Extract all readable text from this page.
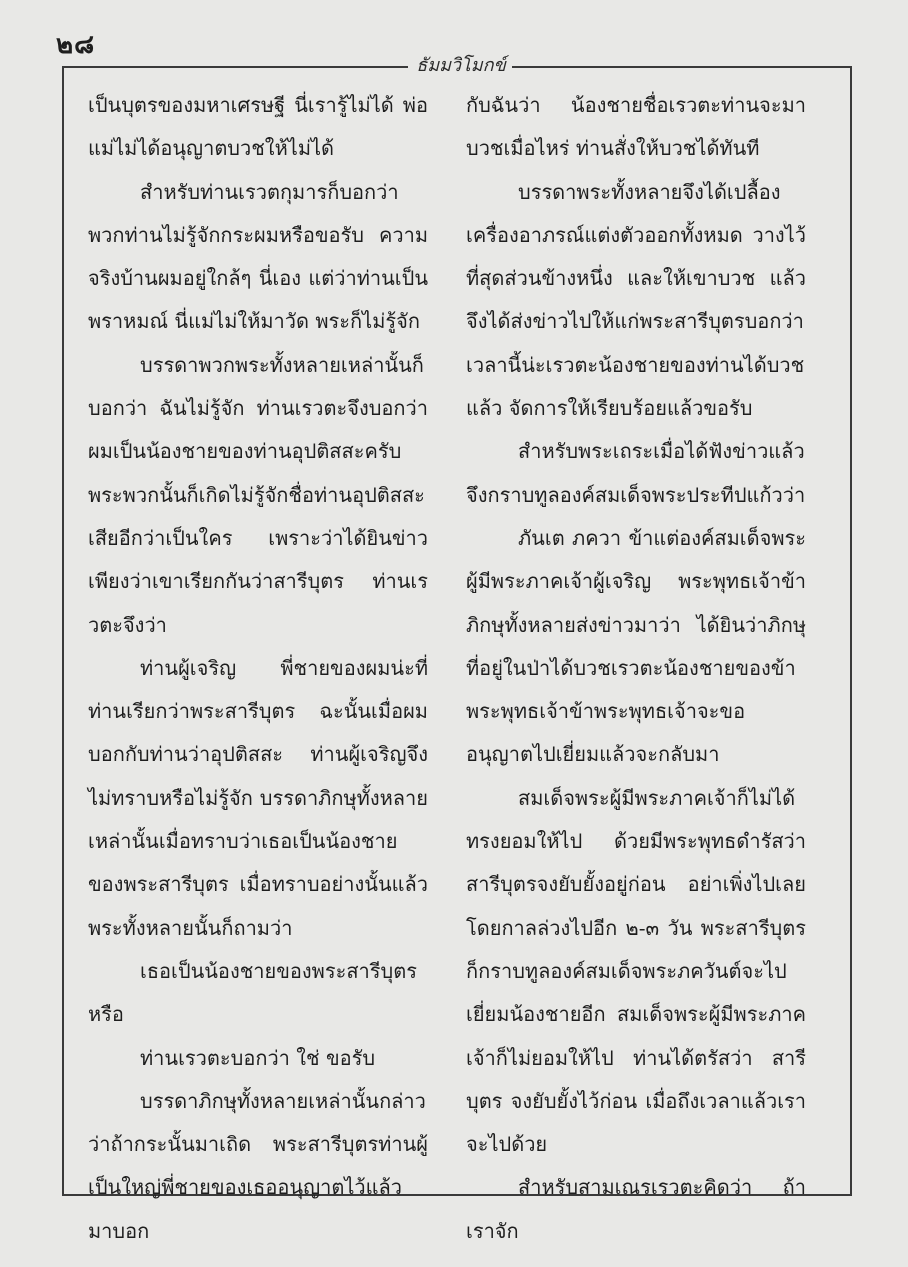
๒๘
ธัมมวิโมกข์

เป็นบุตรของมหาเศรษฐี นี่เรารู้ไม่ได้ พ่อแม่ไม่ได้อนุญาตบวชให้ไม่ได้

สำหรับท่านเรวตกุมารก็บอกว่า พวกท่านไม่รู้จักกระผมหรือขอรับ ความจริงบ้านผมอยู่ใกล้ๆ นี่เอง แต่ว่าท่านเป็นพราหมณ์ นี่แม่ไม่ให้มาวัด พระก็ไม่รู้จัก

บรรดาพวกพระทั้งหลายเหล่านั้นก็บอกว่า ฉันไม่รู้จัก ท่านเรวตะจึงบอกว่า ผมเป็นน้องชายของท่านอุปติสสะครับ พระพวกนั้นก็เกิดไม่รู้จักชื่อท่านอุปติสสะเสียอีกว่าเป็นใคร เพราะว่าได้ยินข่าวเพียงว่าเขาเรียกกันว่าสารีบุตร ท่านเรวตะจึงว่า

ท่านผู้เจริญ พี่ชายของผมน่ะที่ท่านเรียกว่าพระสารีบุตร ฉะนั้นเมื่อผมบอกกับท่านว่าอุปติสสะ ท่านผู้เจริญจึงไม่ทราบหรือไม่รู้จัก บรรดาภิกษุทั้งหลายเหล่านั้นเมื่อทราบว่าเธอเป็นน้องชายของพระสารีบุตร เมื่อทราบอย่างนั้นแล้ว พระทั้งหลายนั้นก็ถามว่า

เธอเป็นน้องชายของพระสารีบุตรหรือ

ท่านเรวตะบอกว่า ใช่ ขอรับ

บรรดาภิกษุทั้งหลายเหล่านั้นกล่าวว่าถ้ากระนั้นมาเถิด พระสารีบุตรท่านผู้เป็นใหญ่พี่ชายของเธออนุญาตไว้แล้ว มาบอก

กับฉันว่า น้องชายชื่อเรวตะท่านจะมาบวชเมื่อไหร่ ท่านสั่งให้บวชได้ทันที

บรรดาพระทั้งหลายจึงได้เปลื้องเครื่องอาภรณ์แต่งตัวออกทั้งหมด วางไว้ที่สุดส่วนข้างหนึ่ง และให้เขาบวช แล้วจึงได้ส่งข่าวไปให้แก่พระสารีบุตรบอกว่า เวลานี้น่ะเรวตะน้องชายของท่านได้บวชแล้ว จัดการให้เรียบร้อยแล้วขอรับ

สำหรับพระเถระเมื่อได้ฟังข่าวแล้วจึงกราบทูลองค์สมเด็จพระประทีปแก้วว่า

ภันเต ภควา ข้าแต่องค์สมเด็จพระผู้มีพระภาคเจ้าผู้เจริญ พระพุทธเจ้าข้า ภิกษุทั้งหลายส่งข่าวมาว่า ได้ยินว่าภิกษุที่อยู่ในป่าได้บวชเรวตะน้องชายของข้าพระพุทธเจ้าข้าพระพุทธเจ้าจะขออนุญาตไปเยี่ยมแล้วจะกลับมา

สมเด็จพระผู้มีพระภาคเจ้าก็ไม่ได้ทรงยอมให้ไป ด้วยมีพระพุทธดำรัสว่า สารีบุตรจงยับยั้งอยู่ก่อน อย่าเพิ่งไปเลย โดยกาลล่วงไปอีก ๒-๓ วัน พระสารีบุตรก็กราบทูลองค์สมเด็จพระภควันต์จะไปเยี่ยมน้องชายอีก สมเด็จพระผู้มีพระภาคเจ้าก็ไม่ยอมให้ไป ท่านได้ตรัสว่า สารีบุตร จงยับยั้งไว้ก่อน เมื่อถึงเวลาแล้วเราจะไปด้วย

สำหรับสามเณรเรวตะคิดว่า ถ้าเราจัก
